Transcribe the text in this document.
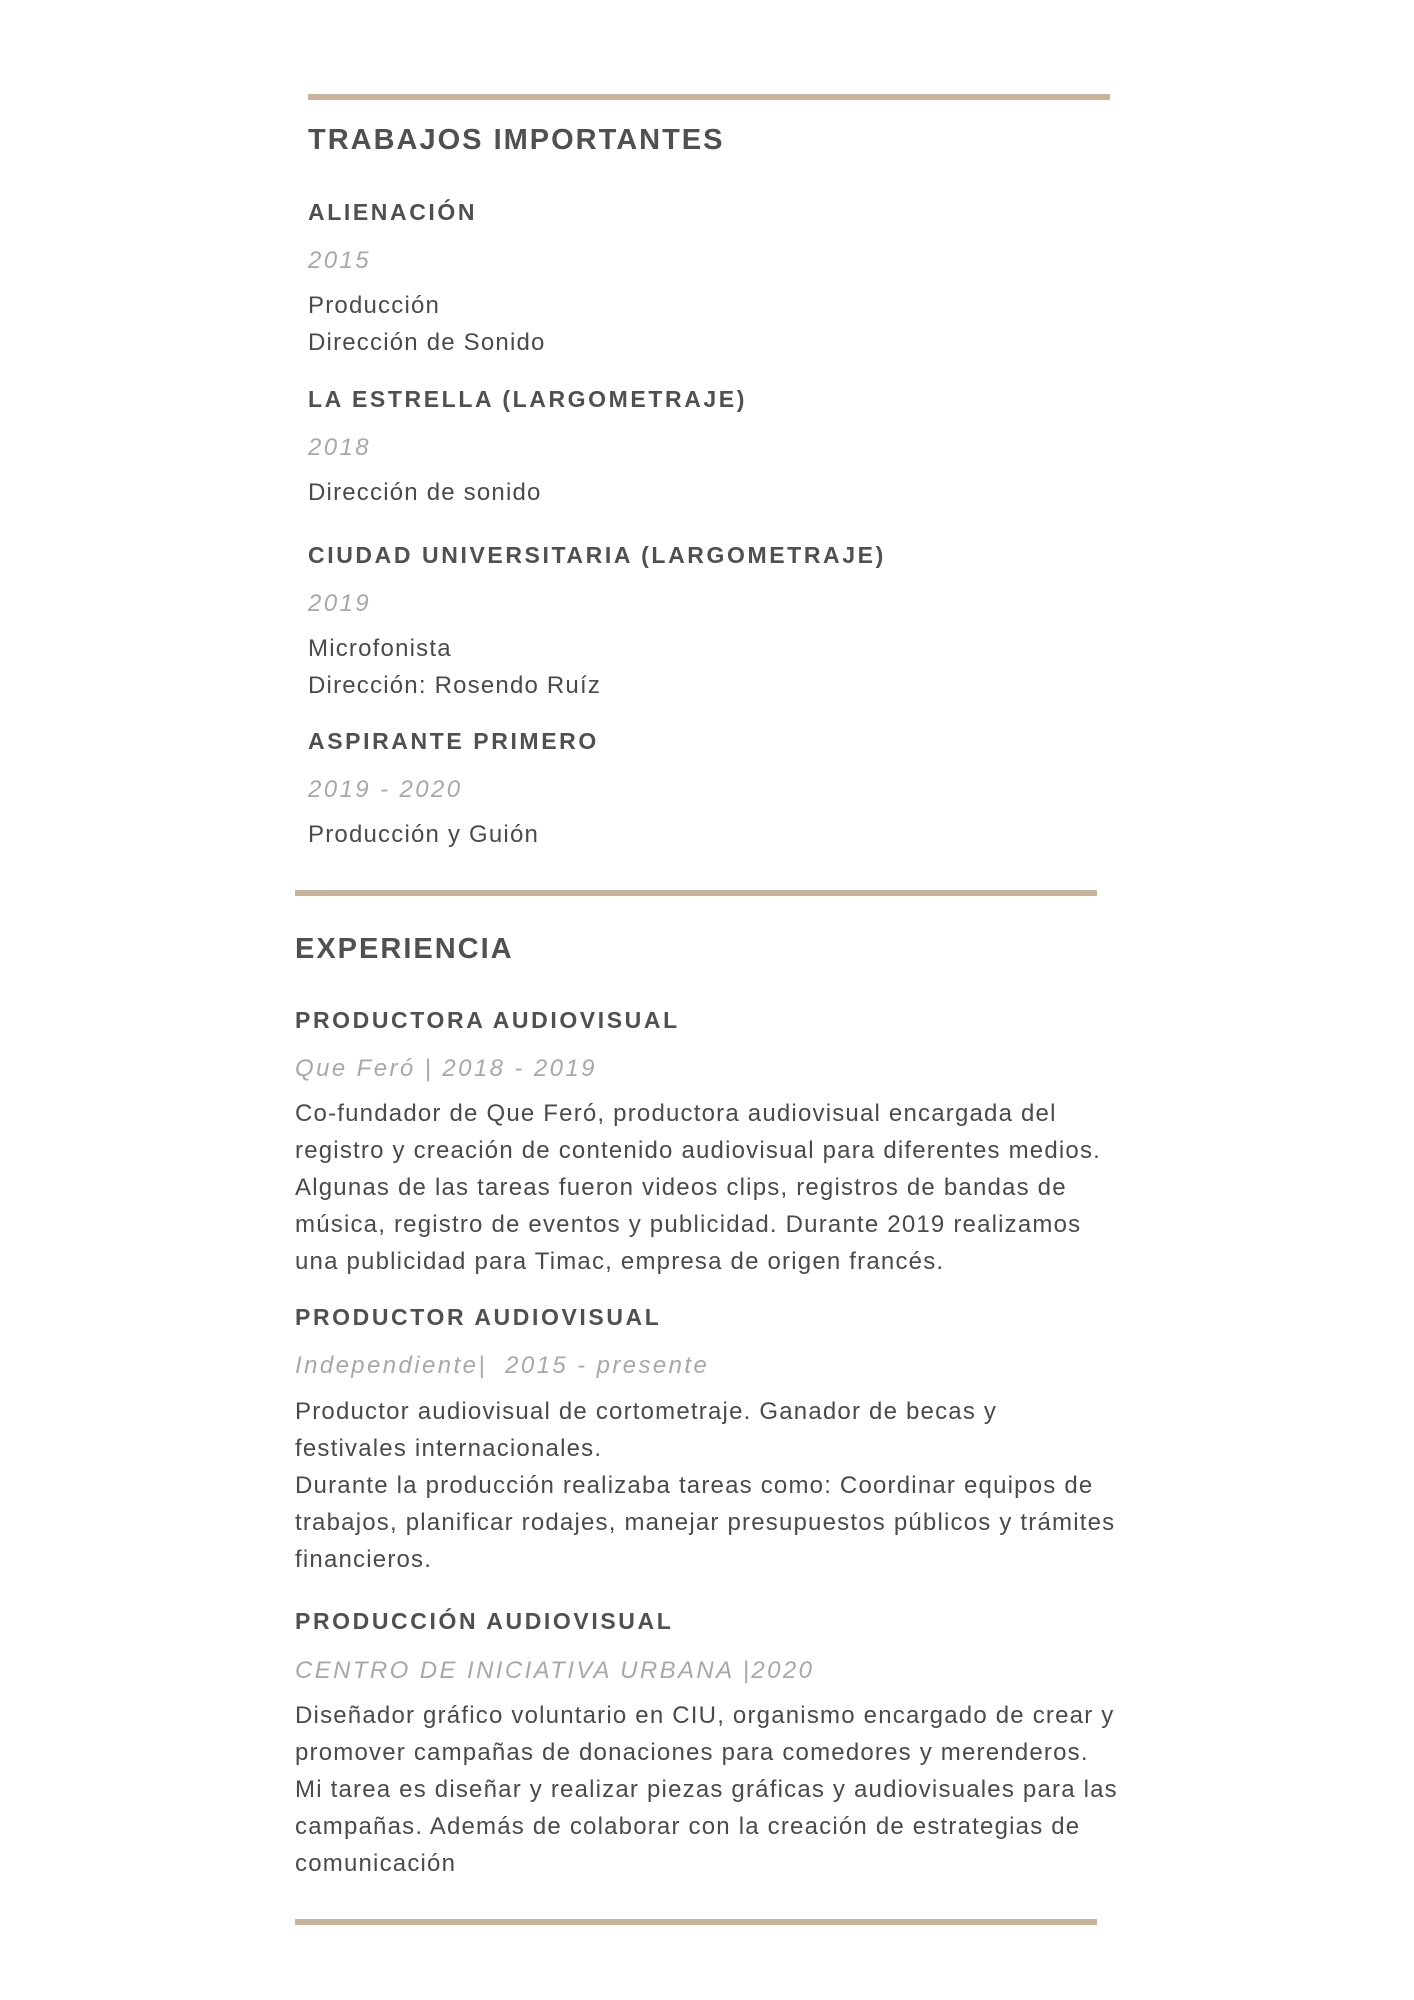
TRABAJOS IMPORTANTES
ALIENACIÓN
2015
Producción
Dirección de Sonido
LA ESTRELLA (LARGOMETRAJE)
2018
Dirección de sonido
CIUDAD UNIVERSITARIA (LARGOMETRAJE)
2019
Microfonista
Dirección: Rosendo Ruíz
ASPIRANTE PRIMERO
2019 - 2020
Producción y Guión
EXPERIENCIA
PRODUCTORA AUDIOVISUAL
Que Feró | 2018 - 2019
Co-fundador de Que Feró, productora audiovisual encargada del
registro y creación de contenido audiovisual para diferentes medios.
Algunas de las tareas fueron videos clips, registros de bandas de
música, registro de eventos y publicidad. Durante 2019 realizamos
una publicidad para Timac, empresa de origen francés.
PRODUCTOR AUDIOVISUAL
Independiente|  2015 - presente
Productor audiovisual de cortometraje. Ganador de becas y
festivales internacionales.
Durante la producción realizaba tareas como: Coordinar equipos de
trabajos, planificar rodajes, manejar presupuestos públicos y trámites
financieros.
PRODUCCIÓN AUDIOVISUAL
CENTRO DE INICIATIVA URBANA |2020
Diseñador gráfico voluntario en CIU, organismo encargado de crear y
promover campañas de donaciones para comedores y merenderos.
Mi tarea es diseñar y realizar piezas gráficas y audiovisuales para las
campañas. Además de colaborar con la creación de estrategias de
comunicación
